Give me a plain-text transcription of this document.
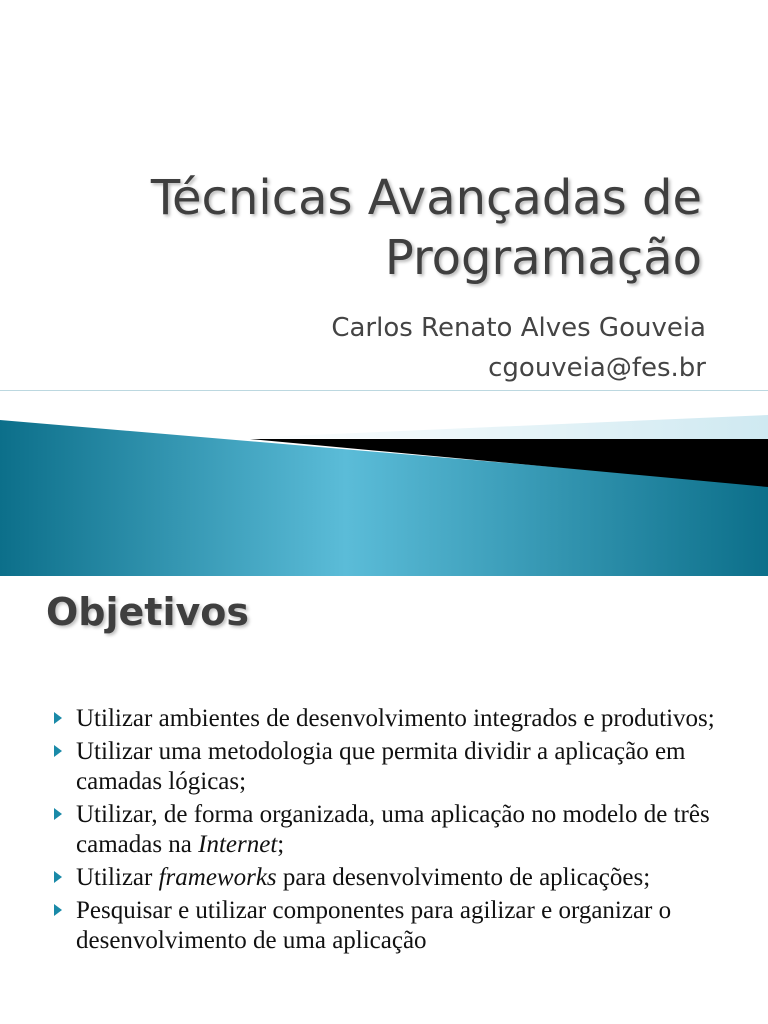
Técnicas Avançadas de
Programação
Carlos Renato Alves Gouveia
cgouveia@fes.br
Objetivos
Utilizar ambientes de desenvolvimento integrados e produtivos;
Utilizar uma metodologia que permita dividir a aplicação em camadas lógicas;
Utilizar, de forma organizada, uma aplicação no modelo de três camadas na Internet;
Utilizar frameworks para desenvolvimento de aplicações;
Pesquisar e utilizar componentes para agilizar e organizar o desenvolvimento de uma aplicação
